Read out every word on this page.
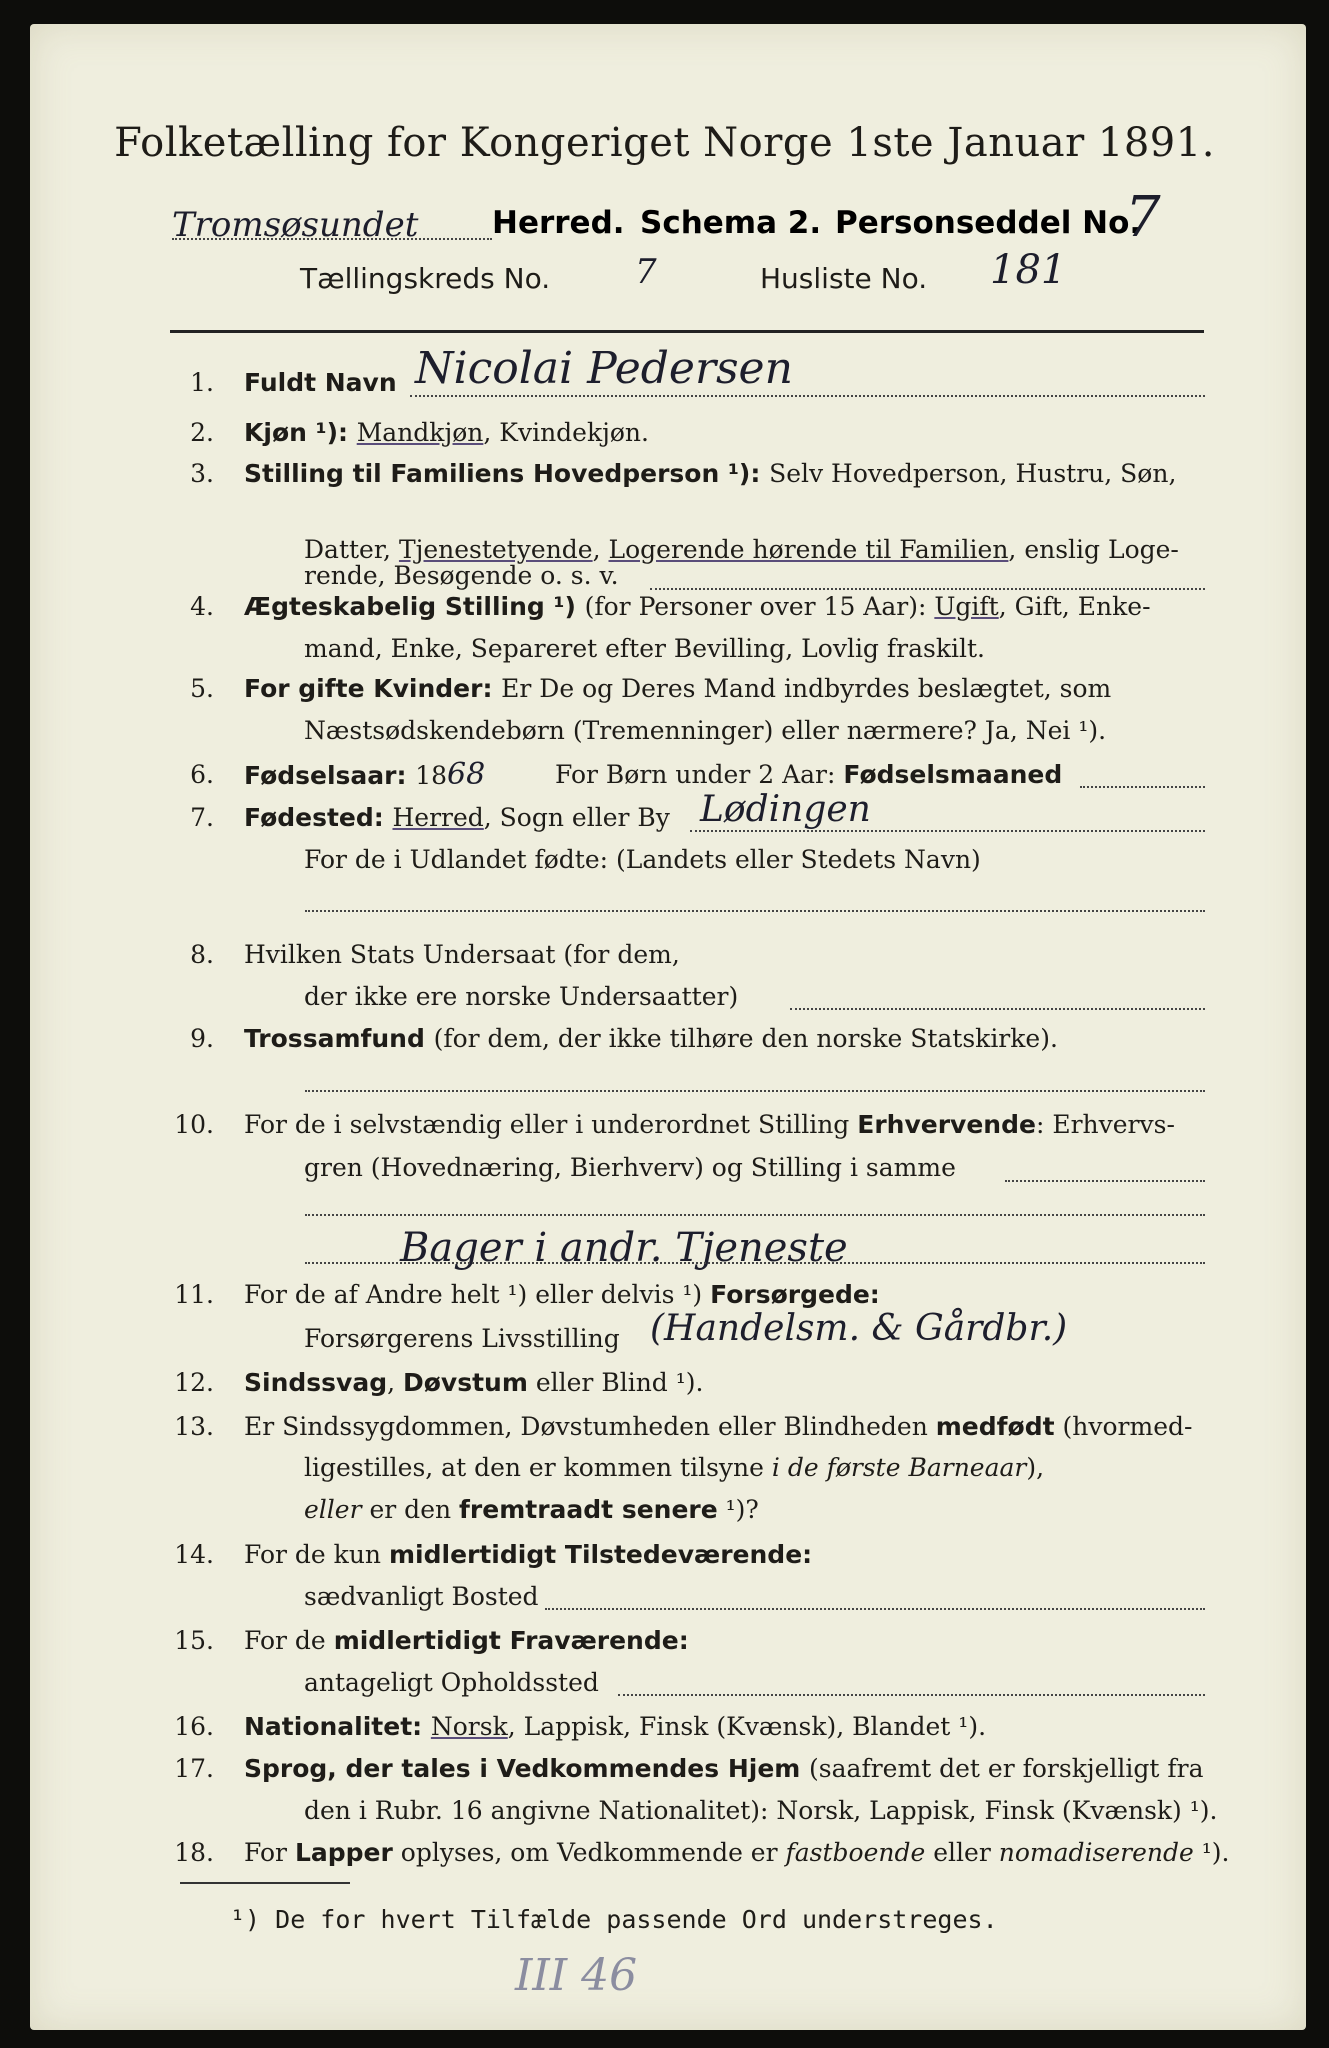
Folketælling for Kongeriget Norge 1ste Januar 1891.
Tromsøsundet Herred. Schema 2. Personseddel No.
7
Tællingskreds No. 7	Husliste No. 181
1. Fuldt Navn Nicolai Pedersen
2. Kjøn ¹): Mandkjøn, Kvindekjøn.
3. Stilling til Familiens Hovedperson ¹): Selv Hovedperson, Hustru, Søn,
Datter, Tjenestetyende, Logerende hørende til Familien, enslig Loge-
rende, Besøgende o. s. v.
4. Ægteskabelig Stilling ¹) (for Personer over 15 Aar): Ugift, Gift, Enke-
mand, Enke, Separeret efter Bevilling, Lovlig fraskilt.
5. For gifte Kvinder: Er De og Deres Mand indbyrdes beslægtet, som
Næstsødskendebørn (Tremenninger) eller nærmere? Ja, Nei ¹).
6. Fødselsaar: 1868	For Børn under 2 Aar: Fødselsmaaned
7. Fødested: Herred, Sogn eller By Lødingen
For de i Udlandet fødte: (Landets eller Stedets Navn)
8. Hvilken Stats Undersaat (for dem,
der ikke ere norske Undersaatter)
9. Trossamfund (for dem, der ikke tilhøre den norske Statskirke).
10. For de i selvstændig eller i underordnet Stilling Erhvervende: Erhvervs-
gren (Hovednæring, Bierhverv) og Stilling i samme
Bager i andr. Tjeneste
11. For de af Andre helt ¹) eller delvis ¹) Forsørgede:
Forsørgerens Livsstilling (Handelsm. & Gårdbr.)
12. Sindssvag, Døvstum eller Blind ¹).
13. Er Sindssygdommen, Døvstumheden eller Blindheden medfødt (hvormed-
ligestilles, at den er kommen tilsyne i de første Barneaar),
eller er den fremtraadt senere ¹)?
14. For de kun midlertidigt Tilstedeværende:
sædvanligt Bosted
15. For de midlertidigt Fraværende:
antageligt Opholdssted
16. Nationalitet: Norsk, Lappisk, Finsk (Kvænsk), Blandet ¹).
17. Sprog, der tales i Vedkommendes Hjem (saafremt det er forskjelligt fra
den i Rubr. 16 angivne Nationalitet): Norsk, Lappisk, Finsk (Kvænsk) ¹).
18. For Lapper oplyses, om Vedkommende er fastboende eller nomadiserende ¹).
¹) De for hvert Tilfælde passende Ord understreges.
III 46
